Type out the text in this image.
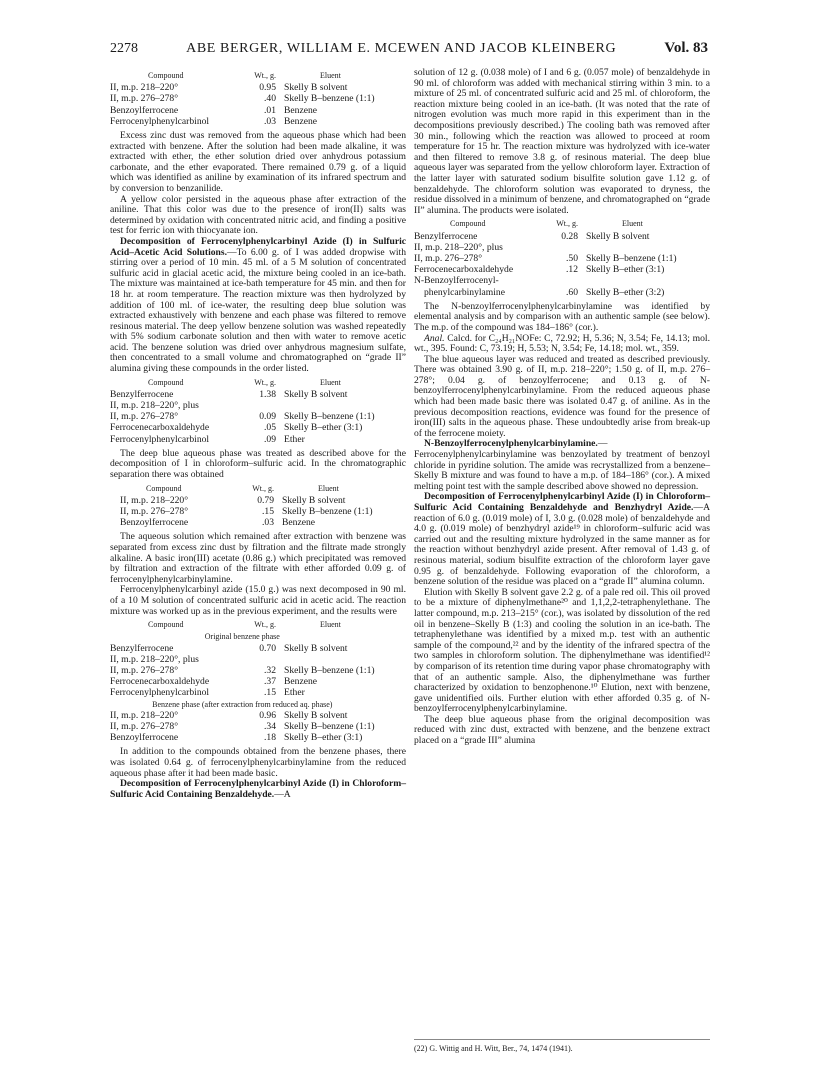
2278	ABE BERGER, WILLIAM E. MCEWEN AND JACOB KLEINBERG	Vol. 83
Compound	Wt., g.	Eluent
II, m.p. 218–220°	0.95	Skelly B solvent
II, m.p. 276–278°	.40	Skelly B–benzene (1:1)
Benzoylferrocene	.01	Benzene
Ferrocenylphenylcarbinol	.03	Benzene

Excess zinc dust was removed from the aqueous phase which had been extracted with benzene. After the solution had been made alkaline, it was extracted with ether, the ether solution dried over anhydrous potassium carbonate, and the ether evaporated. There remained 0.79 g. of a liquid which was identified as aniline by examination of its infrared spectrum and by conversion to benzanilide.

A yellow color persisted in the aqueous phase after extraction of the aniline. That this color was due to the presence of iron(II) salts was determined by oxidation with concentrated nitric acid, and finding a positive test for ferric ion with thiocyanate ion.

Decomposition of Ferrocenylphenylcarbinyl Azide (I) in Sulfuric Acid–Acetic Acid Solutions.—To 6.00 g. of I was added dropwise with stirring over a period of 10 min. 45 ml. of a 5 M solution of concentrated sulfuric acid in glacial acetic acid, the mixture being cooled in an ice-bath. The mixture was maintained at ice-bath temperature for 45 min. and then for 18 hr. at room temperature. The reaction mixture was then hydrolyzed by addition of 100 ml. of ice-water, the resulting deep blue solution was extracted exhaustively with benzene and each phase was filtered to remove resinous material. The deep yellow benzene solution was washed repeatedly with 5% sodium carbonate solution and then with water to remove acetic acid. The benzene solution was dried over anhydrous magnesium sulfate, then concentrated to a small volume and chromatographed on “grade II” alumina giving these compounds in the order listed.

Compound	Wt., g.	Eluent
Benzylferrocene	1.38	Skelly B solvent
II, m.p. 218–220°, plus		
II, m.p. 276–278°	0.09	Skelly B–benzene (1:1)
Ferrocenecarboxaldehyde	.05	Skelly B–ether (3:1)
Ferrocenylphenylcarbinol	.09	Ether

The deep blue aqueous phase was treated as described above for the decomposition of I in chloroform–sulfuric acid. In the chromatographic separation there was obtained

Compound	Wt., g.	Eluent
II, m.p. 218–220°	0.79	Skelly B solvent
II, m.p. 276–278°	.15	Skelly B–benzene (1:1)
Benzoylferrocene	.03	Benzene

The aqueous solution which remained after extraction with benzene was separated from excess zinc dust by filtration and the filtrate made strongly alkaline. A basic iron(III) acetate (0.86 g.) which precipitated was removed by filtration and extraction of the filtrate with ether afforded 0.09 g. of ferrocenylphenylcarbinylamine.

Ferrocenylphenylcarbinyl azide (15.0 g.) was next decomposed in 90 ml. of a 10 M solution of concentrated sulfuric acid in acetic acid. The reaction mixture was worked up as in the previous experiment, and the results were

Compound	Wt., g.	Eluent
Original benzene phase		
Benzylferrocene	0.70	Skelly B solvent
II, m.p. 218–220°, plus		
II, m.p. 276–278°	.32	Skelly B–benzene (1:1)
Ferrocenecarboxaldehyde	.37	Benzene
Ferrocenylphenylcarbinol	.15	Ether
Benzene phase (after extraction from reduced aq. phase)		
II, m.p. 218–220°	0.96	Skelly B solvent
II, m.p. 276–278°	.34	Skelly B–benzene (1:1)
Benzoylferrocene	.18	Skelly B–ether (3:1)

In addition to the compounds obtained from the benzene phases, there was isolated 0.64 g. of ferrocenylphenylcarbinylamine from the reduced aqueous phase after it had been made basic.

Decomposition of Ferrocenylphenylcarbinyl Azide (I) in Chloroform–Sulfuric Acid Containing Benzaldehyde.—A

solution of 12 g. (0.038 mole) of I and 6 g. (0.057 mole) of benzaldehyde in 90 ml. of chloroform was added with mechanical stirring within 3 min. to a mixture of 25 ml. of concentrated sulfuric acid and 25 ml. of chloroform, the reaction mixture being cooled in an ice-bath. (It was noted that the rate of nitrogen evolution was much more rapid in this experiment than in the decompositions previously described.) The cooling bath was removed after 30 min., following which the reaction was allowed to proceed at room temperature for 15 hr. The reaction mixture was hydrolyzed with ice-water and then filtered to remove 3.8 g. of resinous material. The deep blue aqueous layer was separated from the yellow chloroform layer. Extraction of the latter layer with saturated sodium bisulfite solution gave 1.12 g. of benzaldehyde. The chloroform solution was evaporated to dryness, the residue dissolved in a minimum of benzene, and chromatographed on “grade II” alumina. The products were isolated.

Compound	Wt., g.	Eluent
Benzylferrocene	0.28	Skelly B solvent
II, m.p. 218–220°, plus		
II, m.p. 276–278°	.50	Skelly B–benzene (1:1)
Ferrocenecarboxaldehyde	.12	Skelly B–ether (3:1)
N-Benzoylferrocenyl-		
phenylcarbinylamine	.60	Skelly B–ether (3:2)

The N-benzoylferrocenylphenylcarbinylamine was identified by elemental analysis and by comparison with an authentic sample (see below). The m.p. of the compound was 184–186° (cor.).

Anal. Calcd. for C₂₄H₂₁NOFe: C, 72.92; H, 5.36; N, 3.54; Fe, 14.13; mol. wt., 395. Found: C, 73.19; H, 5.53; N, 3.54; Fe, 14.18; mol. wt., 359.

The blue aqueous layer was reduced and treated as described previously. There was obtained 3.90 g. of II, m.p. 218–220°; 1.50 g. of II, m.p. 276–278°; 0.04 g. of benzoylferrocene; and 0.13 g. of N-benzoylferrocenylphenylcarbinylamine. From the reduced aqueous phase which had been made basic there was isolated 0.47 g. of aniline. As in the previous decomposition reactions, evidence was found for the presence of iron(III) salts in the aqueous phase. These undoubtedly arise from break-up of the ferrocene moiety.

N-Benzoylferrocenylphenylcarbinylamine.—Ferrocenylphenylcarbinylamine was benzoylated by treatment of benzoyl chloride in pyridine solution. The amide was recrystallized from a benzene–Skelly B mixture and was found to have a m.p. of 184–186° (cor.). A mixed melting point test with the sample described above showed no depression.

Decomposition of Ferrocenylphenylcarbinyl Azide (I) in Chloroform–Sulfuric Acid Containing Benzaldehyde and Benzhydryl Azide.—A reaction of 6.0 g. (0.019 mole) of I, 3.0 g. (0.028 mole) of benzaldehyde and 4.0 g. (0.019 mole) of benzhydryl azide¹⁹ in chloroform–sulfuric acid was carried out and the resulting mixture hydrolyzed in the same manner as for the reaction without benzhydryl azide present. After removal of 1.43 g. of resinous material, sodium bisulfite extraction of the chloroform layer gave 0.95 g. of benzaldehyde. Following evaporation of the chloroform, a benzene solution of the residue was placed on a “grade II” alumina column.

Elution with Skelly B solvent gave 2.2 g. of a pale red oil. This oil proved to be a mixture of diphenylmethane²⁰ and 1,1,2,2-tetraphenylethane. The latter compound, m.p. 213–215° (cor.), was isolated by dissolution of the red oil in benzene–Skelly B (1:3) and cooling the solution in an ice-bath. The tetraphenylethane was identified by a mixed m.p. test with an authentic sample of the compound,²² and by the identity of the infrared spectra of the two samples in chloroform solution. The diphenylmethane was identified¹² by comparison of its retention time during vapor phase chromatography with that of an authentic sample. Also, the diphenylmethane was further characterized by oxidation to benzophenone.¹⁰ Elution, next with benzene, gave unidentified oils. Further elution with ether afforded 0.35 g. of N-benzoylferrocenylphenylcarbinylamine.

The deep blue aqueous phase from the original decomposition was reduced with zinc dust, extracted with benzene, and the benzene extract placed on a “grade III” alumina

(22) G. Wittig and H. Witt, Ber., 74, 1474 (1941).
